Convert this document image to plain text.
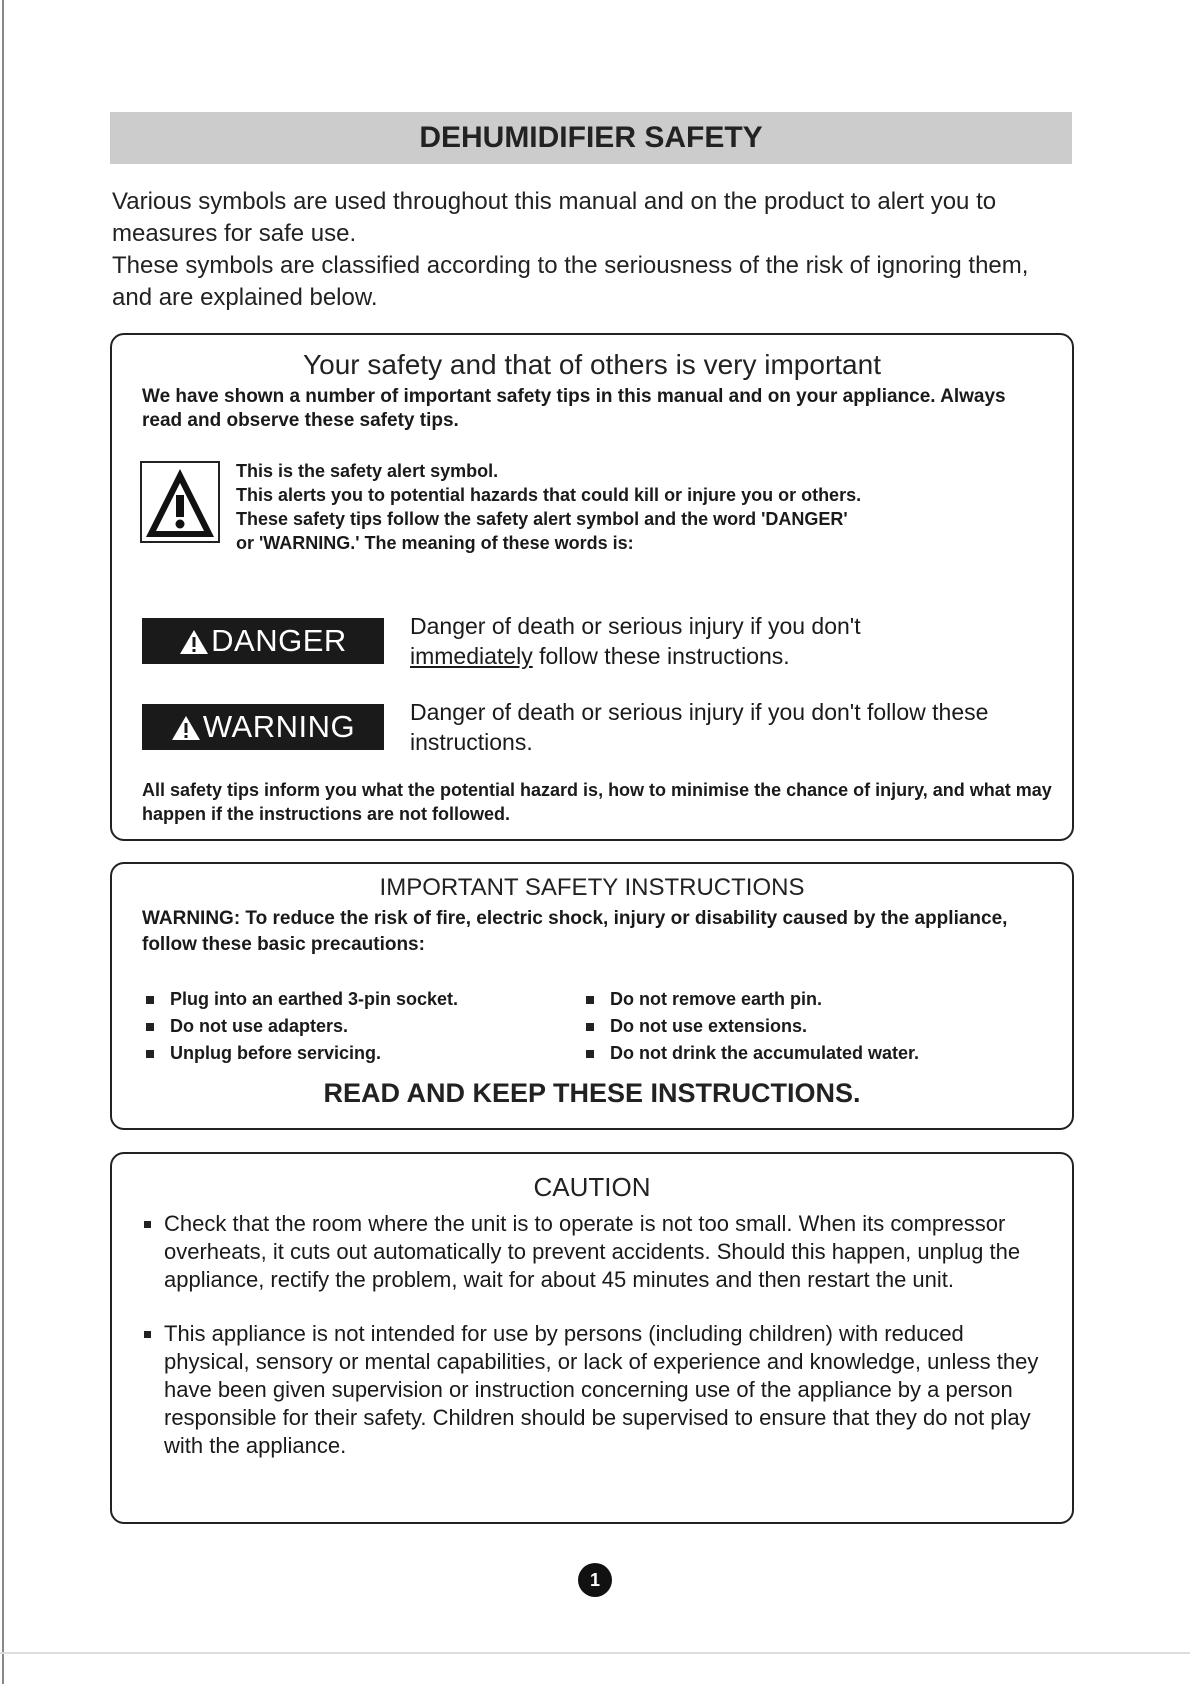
DEHUMIDIFIER SAFETY

Various symbols are used throughout this manual and on the product to alert you to measures for safe use.

These symbols are classified according to the seriousness of the risk of ignoring them, and are explained below.

Your safety and that of others is very important
We have shown a number of important safety tips in this manual and on your appliance. Always read and observe these safety tips.
This is the safety alert symbol.
This alerts you to potential hazards that could kill or injure you or others.
These safety tips follow the safety alert symbol and the word 'DANGER'
or 'WARNING.' The meaning of these words is:
DANGER	Danger of death or serious injury if you don't
immediately follow these instructions.
WARNING	Danger of death or serious injury if you don't follow these instructions.
All safety tips inform you what the potential hazard is, how to minimise the chance of injury, and what may happen if the instructions are not followed.
IMPORTANT SAFETY INSTRUCTIONS
WARNING: To reduce the risk of fire, electric shock, injury or disability caused by the appliance, follow these basic precautions:
Plug into an earthed 3-pin socket.
Do not use adapters.
Unplug before servicing.
Do not remove earth pin.
Do not use extensions.
Do not drink the accumulated water.
READ AND KEEP THESE INSTRUCTIONS.
CAUTION
Check that the room where the unit is to operate is not too small. When its compressor overheats, it cuts out automatically to prevent accidents. Should this happen, unplug the appliance, rectify the problem, wait for about 45 minutes and then restart the unit.
This appliance is not intended for use by persons (including children) with reduced physical, sensory or mental capabilities, or lack of experience and knowledge, unless they have been given supervision or instruction concerning use of the appliance by a person responsible for their safety. Children should be supervised to ensure that they do not play with the appliance.
1
